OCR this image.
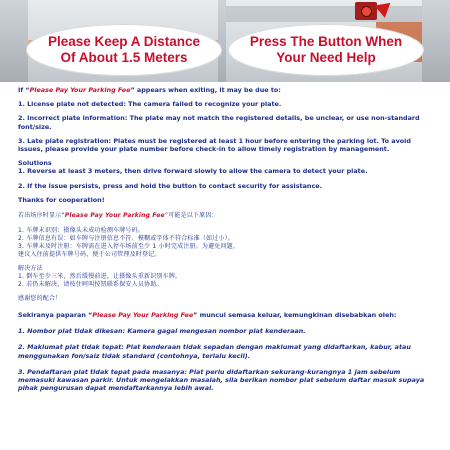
Please Keep A Distance
Of About 1.5 Meters
Press The Button When
Your Need Help

If “Please Pay Your Parking Fee” appears when exiting, it may be due to:

1. License plate not detected: The camera failed to recognize your plate.

2. Incorrect plate information: The plate may not match the registered details, be unclear, or use non-standard font/size.

3. Late plate registration: Plates must be registered at least 1 hour before entering the parking lot. To avoid issues, please provide your plate number before check-in to allow timely registration by management.

Solutions

1. Reverse at least 3 meters, then drive forward slowly to allow the camera to detect your plate.

2. If the issue persists, press and hold the button to contact security for assistance.

Thanks for cooperation!

若出场序时显示“Please Pay Your Parking Fee”可能是以下原因：

1. 车牌未识别：摄像头未成功检测车牌号码。

2. 车牌信息有误：如车牌与注册信息不符、模糊或字体不符合标准（如过小）。

3. 车牌未及时注册：车牌需在进入停车场前至少 1 小时完成注册。为避免问题，

建议入住前提供车牌号码，便于公司管理及时登记。

解决方法

1. 倒车至少三米，然后缓慢前进，让摄像头重新识别车牌。

2. 若仍未解决，请按住呵叫按钮联系保安人员协助。

感谢您的配合！

Sekiranya paparan “Please Pay Your Parking Fee” muncul semasa keluar, kemungkinan disebabkan oleh:

1. Nombor plat tidak dikesan: Kamera gagal mengesan nombor plat kenderaan.

2. Maklumat plat tidak tepat: Plat kenderaan tidak sepadan dengan maklumat yang didaftarkan, kabur, atau menggunakan fon/saiz tidak standard (contohnya, terlalu kecil).

3. Pendaftaran plat tidak tepat pada masanya: Plat perlu didaftarkan sekurang-kurangnya 1 jam sebelum memasuki kawasan parkir. Untuk mengelakkan masalah, sila berikan nombor plat sebelum daftar masuk supaya pihak pengurusan dapat mendaftarkannya lebih awal.
